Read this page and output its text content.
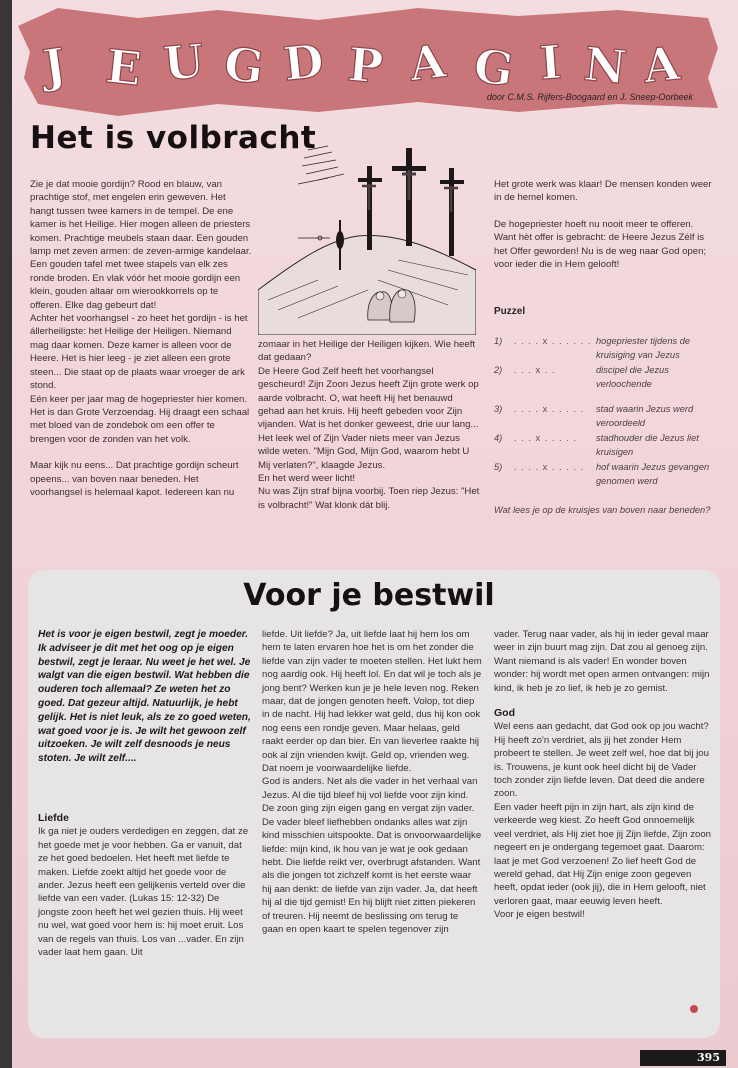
J E U G D P A G I N A
door C.M.S. Rijfers-Boogaard en J. Sneep-Oorbeek
Het is volbracht

Zie je dat mooie gordijn? Rood en blauw, van prachtige stof, met engelen erin geweven. Het hangt tussen twee kamers in de tempel. De ene kamer is het Heilige. Hier mogen alleen de priesters komen. Prachtige meubels staan daar. Een gouden lamp met zeven armen: de zeven-armige kandelaar. Een gouden tafel met twee stapels van elk zes ronde broden. En vlak vóór het mooie gordijn een klein, gouden altaar om wierookkorrels op te offeren. Elke dag gebeurt dat!

Achter het voorhangsel - zo heet het gordijn - is het állerheiligste: het Heilige der Heiligen. Niemand mag daar komen. Deze kamer is alleen voor de Heere. Het is hier leeg - je ziet alleen een grote steen... Die staat op de plaats waar vroeger de ark stond.

Eén keer per jaar mag de hogepriester hier komen. Het is dan Grote Verzoendag. Hij draagt een schaal met bloed van de zondebok om een offer te brengen voor de zonden van het volk.

Maar kijk nu eens... Dat prachtige gordijn scheurt opeens... van boven naar beneden. Het voorhangsel is helemaal kapot. Iedereen kan nu

zomaar in het Heilige der Heiligen kijken. Wie heeft dat gedaan?

De Heere God Zelf heeft het voorhangsel gescheurd! Zijn Zoon Jezus heeft Zijn grote werk op aarde volbracht. O, wat heeft Hij het benauwd gehad aan het kruis. Hij heeft gebeden voor Zijn vijanden. Wat is het donker geweest, drie uur lang... Het leek wel of Zijn Vader niets meer van Jezus wilde weten. "Mijn God, Mijn God, waarom hebt U Mij verlaten?", klaagde Jezus.

En het werd weer licht!

Nu was Zijn straf bijna voorbij. Toen riep Jezus: "Het is volbracht!" Wat klonk dát blij.

Het grote werk was klaar! De mensen konden weer in de hemel komen.

De hogepriester hoeft nu nooit meer te offeren. Want hèt offer is gebracht: de Heere Jezus Zélf is het Offer geworden! Nu is de weg naar God open; voor ieder die in Hem gelooft!

Puzzel
1)	. . . . x . . . . . . hogepriester tijdens de kruisiging van Jezus
2)	. . . x . .	discipel die Jezus verloochende
3)	. . . . x . . . . .	stad waarin Jezus werd veroordeeld
4)	. . . x . . . . .	stadhouder die Jezus liet kruisigen
5)	. . . . x . . . . .	hof waarin Jezus gevangen genomen werd
Wat lees je op de kruisjes van boven naar beneden?
Voor je bestwil
Het is voor je eigen bestwil, zegt je moeder. Ik adviseer je dit met het oog op je eigen bestwil, zegt je leraar. Nu weet je het wel. Je walgt van die eigen bestwil. Wat hebben die ouderen toch allemaal? Ze weten het zo goed. Dat gezeur altijd. Natuurlijk, je hebt gelijk. Het is niet leuk, als ze zo goed weten, wat goed voor je is. Je wilt het gewoon zelf uitzoeken. Je wilt zelf desnoods je neus stoten. Je wilt zelf....

Liefde

Ik ga niet je ouders verdedigen en zeggen, dat ze het goede met je voor hebben. Ga er vanuit, dat ze het goed bedoelen. Het heeft met liefde te maken. Liefde zoekt altijd het goede voor de ander. Jezus heeft een gelijkenis verteld over die liefde van een vader. (Lukas 15: 12-32) De jongste zoon heeft het wel gezien thuis. Hij weet nu wel, wat goed voor hem is: hij moet eruit. Los van de regels van thuis. Los van ...vader. En zijn vader laat hem gaan. Uit

liefde. Uit liefde? Ja, uit liefde laat hij hem los om hem te laten ervaren hoe het is om het zonder die liefde van zijn vader te moeten stellen. Het lukt hem nog aardig ook. Hij heeft lol. En dat wil je toch als je jong bent? Werken kun je je hele leven nog. Reken maar, dat de jongen genoten heeft. Volop, tot diep in de nacht. Hij had lekker wat geld, dus hij kon ook nog eens een rondje geven. Maar helaas, geld raakt eerder op dan bier. En van lieverlee raakte hij ook al zijn vrienden kwijt. Geld op, vrienden weg. Dat noem je voorwaardelijke liefde.

God is anders. Net als die vader in het verhaal van Jezus. Al die tijd bleef hij vol liefde voor zijn kind. De zoon ging zijn eigen gang en vergat zijn vader. De vader bleef liefhebben ondanks alles wat zijn kind misschien uitspookte. Dat is onvoorwaardelijke liefde: mijn kind, ik hou van je wat je ook gedaan hebt. Die liefde reikt ver, overbrugt afstanden. Want als die jongen tot zichzelf komt is het eerste waar hij aan denkt: de liefde van zijn vader. Ja, dat heeft hij al die tijd gemist! En hij blijft niet zitten piekeren of treuren. Hij neemt de beslissing om terug te gaan en open kaart te spelen tegenover zijn

vader. Terug naar vader, als hij in ieder geval maar weer in zijn buurt mag zijn. Dat zou al genoeg zijn. Want niemand is als vader! En wonder boven wonder: hij wordt met open armen ontvangen: mijn kind, ik heb je zo lief, ik heb je zo gemist.

God

Wel eens aan gedacht, dat God ook op jou wacht? Hij heeft zo'n verdriet, als jij het zonder Hem probeert te stellen. Je weet zelf wel, hoe dat bij jou is. Trouwens, je kunt ook heel dicht bij de Vader toch zonder zijn liefde leven. Dat deed die andere zoon.

Een vader heeft pijn in zijn hart, als zijn kind de verkeerde weg kiest. Zo heeft God onnoemelijk veel verdriet, als Hij ziet hoe jij Zijn liefde, Zijn zoon negeert en je ondergang tegemoet gaat. Daarom: laat je met God verzoenen! Zo lief heeft God de wereld gehad, dat Hij Zijn enige zoon gegeven heeft, opdat ieder (ook jij), die in Hem gelooft, niet verloren gaat, maar eeuwig leven heeft.

Voor je eigen bestwil!

395
